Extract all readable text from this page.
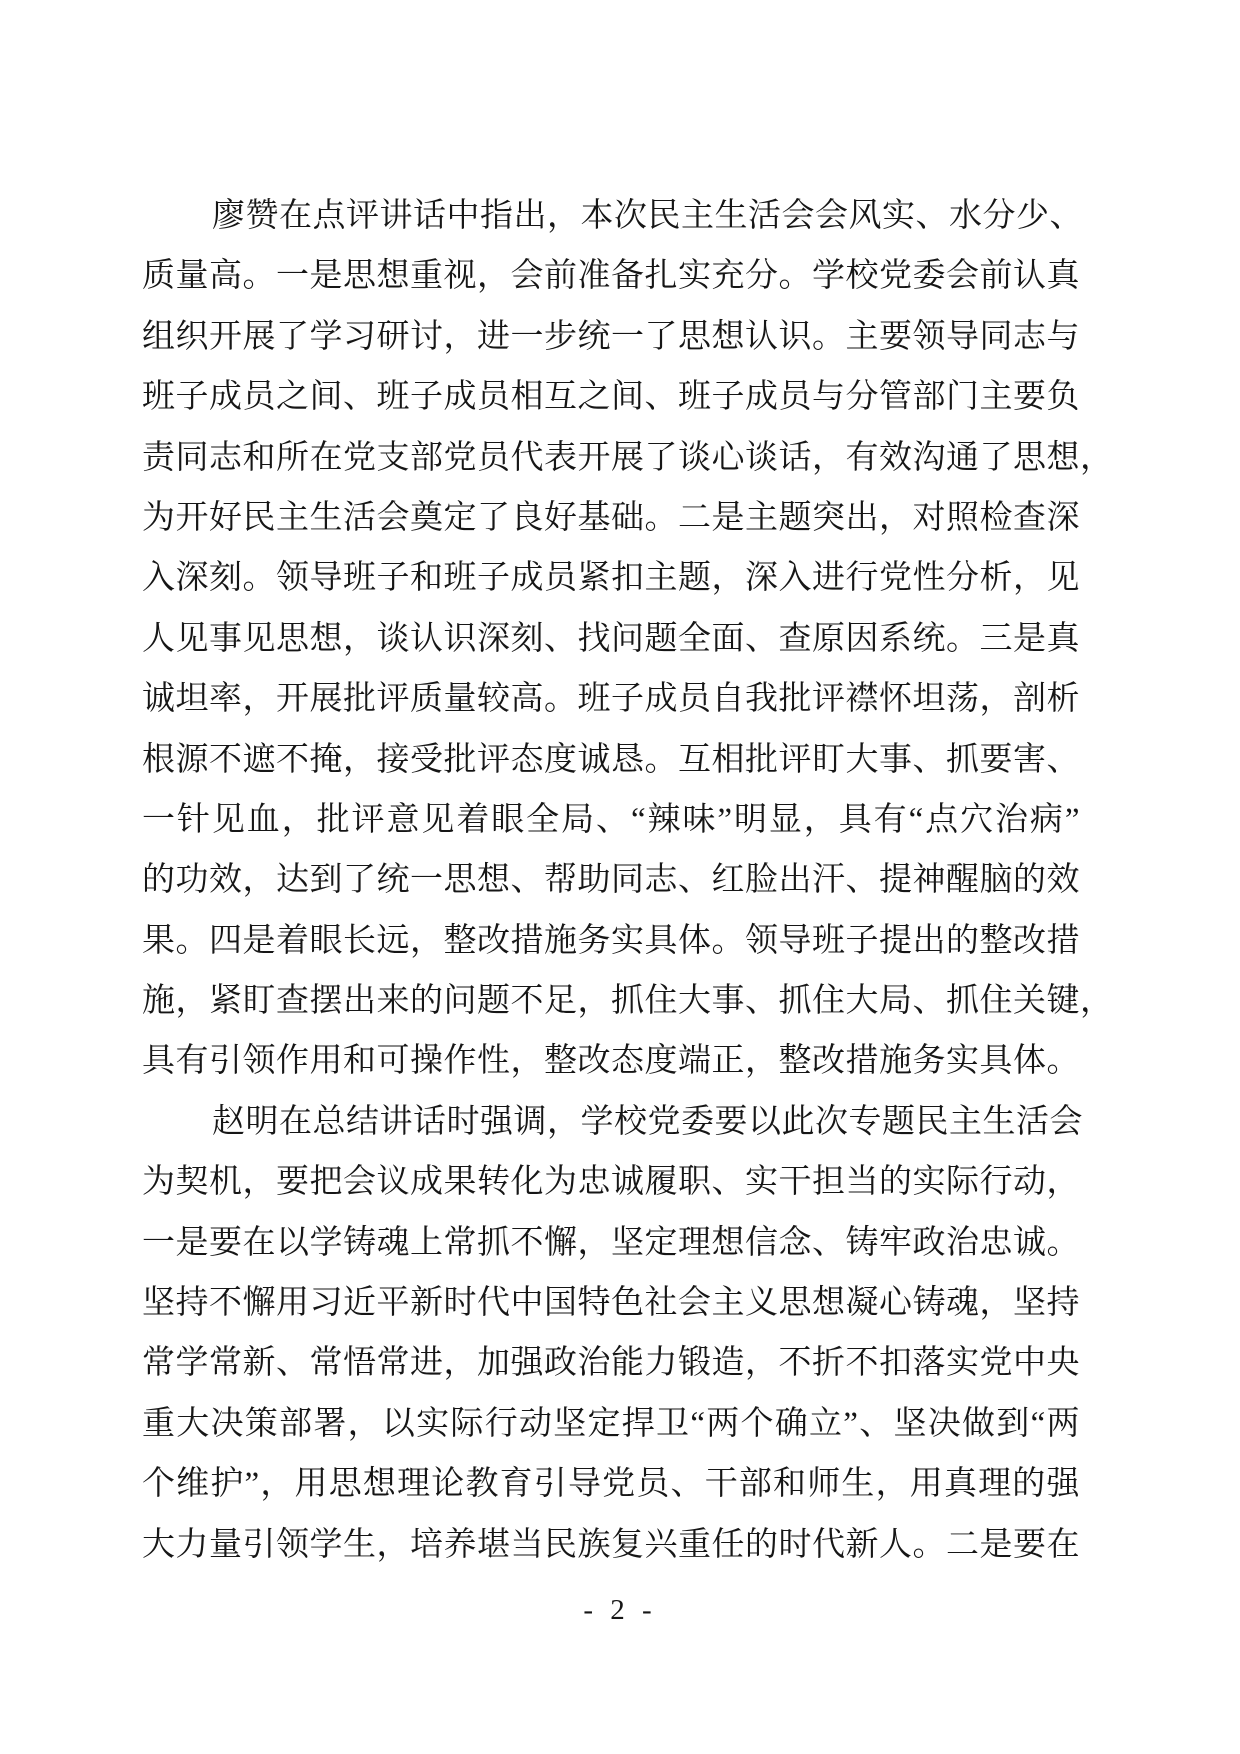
廖赞在点评讲话中指出，本次民主生活会会风实、水分少、
质量高。一是思想重视，会前准备扎实充分。学校党委会前认真
组织开展了学习研讨，进一步统一了思想认识。主要领导同志与
班子成员之间、班子成员相互之间、班子成员与分管部门主要负
责同志和所在党支部党员代表开展了谈心谈话，有效沟通了思想，
为开好民主生活会奠定了良好基础。二是主题突出，对照检查深
入深刻。领导班子和班子成员紧扣主题，深入进行党性分析，见
人见事见思想，谈认识深刻、找问题全面、查原因系统。三是真
诚坦率，开展批评质量较高。班子成员自我批评襟怀坦荡，剖析
根源不遮不掩，接受批评态度诚恳。互相批评盯大事、抓要害、
一针见血，批评意见着眼全局、“辣味”明显，具有“点穴治病”
的功效，达到了统一思想、帮助同志、红脸出汗、提神醒脑的效
果。四是着眼长远，整改措施务实具体。领导班子提出的整改措
施，紧盯查摆出来的问题不足，抓住大事、抓住大局、抓住关键，
具有引领作用和可操作性，整改态度端正，整改措施务实具体。
赵明在总结讲话时强调，学校党委要以此次专题民主生活会
为契机，要把会议成果转化为忠诚履职、实干担当的实际行动，
一是要在以学铸魂上常抓不懈，坚定理想信念、铸牢政治忠诚。
坚持不懈用习近平新时代中国特色社会主义思想凝心铸魂，坚持
常学常新、常悟常进，加强政治能力锻造，不折不扣落实党中央
重大决策部署，以实际行动坚定捍卫“两个确立”、坚决做到“两
个维护”，用思想理论教育引导党员、干部和师生，用真理的强
大力量引领学生，培养堪当民族复兴重任的时代新人。二是要在
- 2 -
